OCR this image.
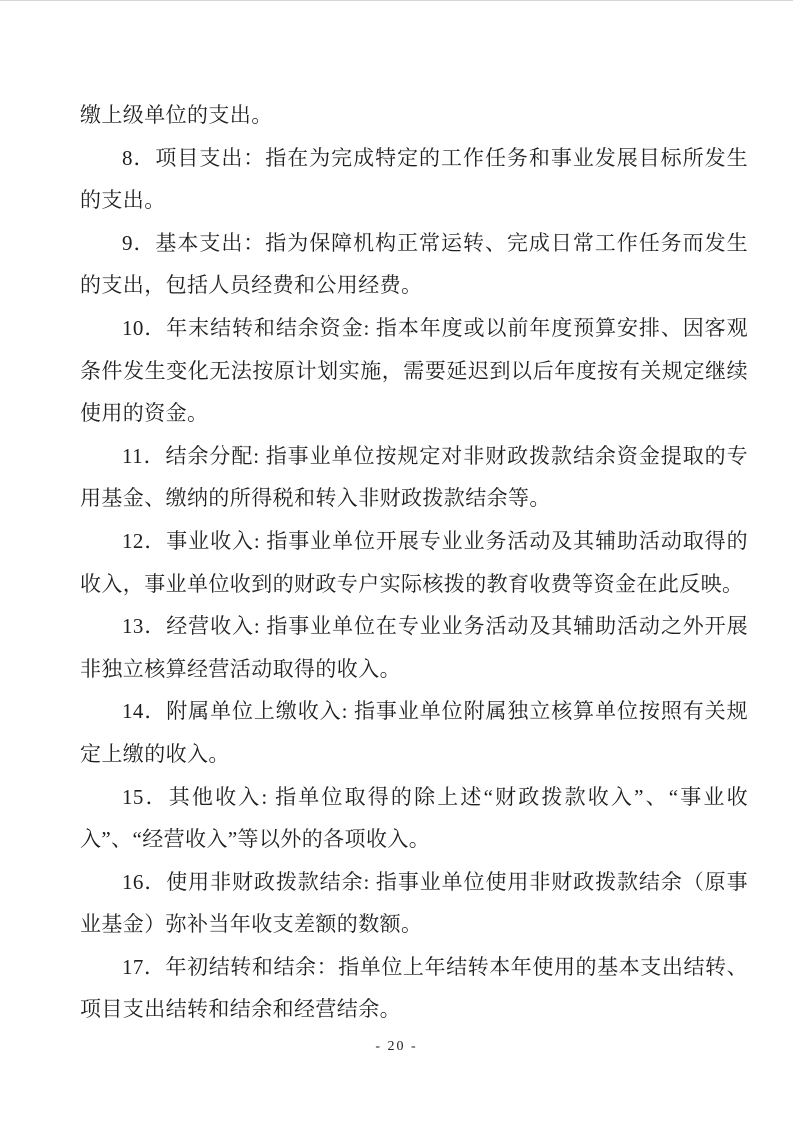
缴上级单位的支出。

8．项目支出：指在为完成特定的工作任务和事业发展目标所发生的支出。

9．基本支出：指为保障机构正常运转、完成日常工作任务而发生的支出，包括人员经费和公用经费。

10．年末结转和结余资金: 指本年度或以前年度预算安排、因客观条件发生变化无法按原计划实施，需要延迟到以后年度按有关规定继续使用的资金。

11．结余分配: 指事业单位按规定对非财政拨款结余资金提取的专用基金、缴纳的所得税和转入非财政拨款结余等。

12．事业收入: 指事业单位开展专业业务活动及其辅助活动取得的收入，事业单位收到的财政专户实际核拨的教育收费等资金在此反映。

13．经营收入: 指事业单位在专业业务活动及其辅助活动之外开展非独立核算经营活动取得的收入。

14．附属单位上缴收入: 指事业单位附属独立核算单位按照有关规定上缴的收入。

15．其他收入: 指单位取得的除上述“财政拨款收入”、“事业收入”、“经营收入”等以外的各项收入。

16．使用非财政拨款结余: 指事业单位使用非财政拨款结余（原事业基金）弥补当年收支差额的数额。

17．年初结转和结余：指单位上年结转本年使用的基本支出结转、项目支出结转和结余和经营结余。

- 20 -
